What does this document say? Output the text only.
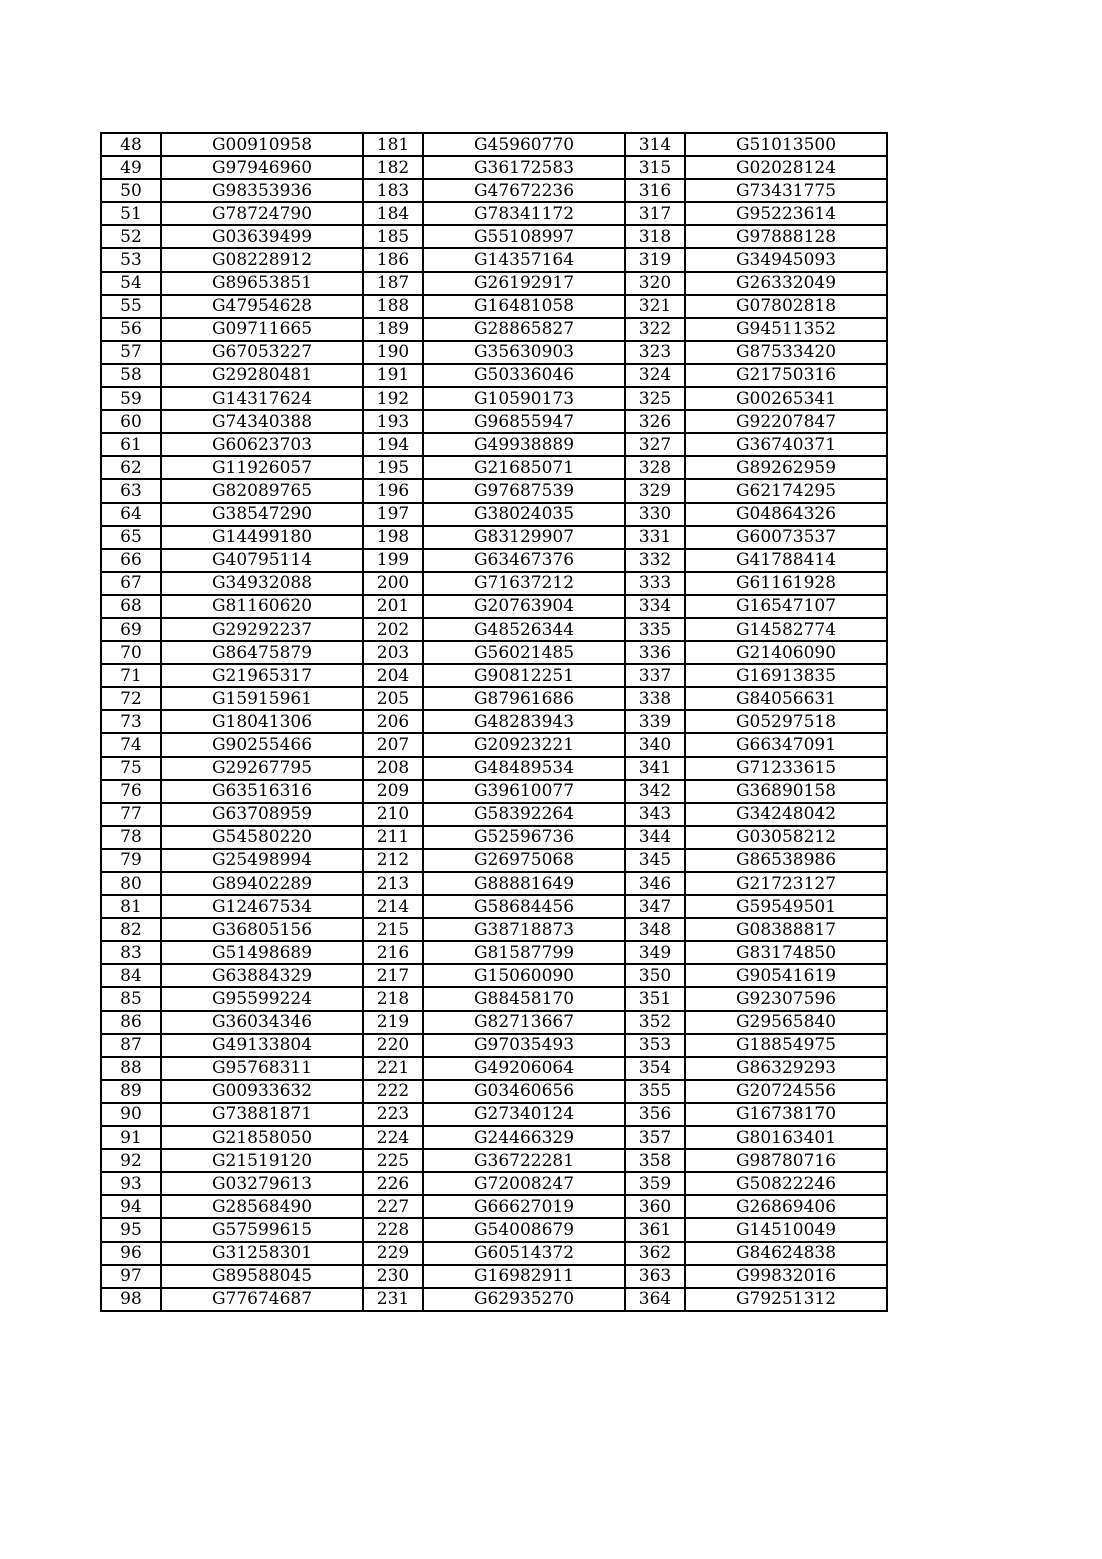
48	G00910958	181	G45960770	314	G51013500
49	G97946960	182	G36172583	315	G02028124
50	G98353936	183	G47672236	316	G73431775
51	G78724790	184	G78341172	317	G95223614
52	G03639499	185	G55108997	318	G97888128
53	G08228912	186	G14357164	319	G34945093
54	G89653851	187	G26192917	320	G26332049
55	G47954628	188	G16481058	321	G07802818
56	G09711665	189	G28865827	322	G94511352
57	G67053227	190	G35630903	323	G87533420
58	G29280481	191	G50336046	324	G21750316
59	G14317624	192	G10590173	325	G00265341
60	G74340388	193	G96855947	326	G92207847
61	G60623703	194	G49938889	327	G36740371
62	G11926057	195	G21685071	328	G89262959
63	G82089765	196	G97687539	329	G62174295
64	G38547290	197	G38024035	330	G04864326
65	G14499180	198	G83129907	331	G60073537
66	G40795114	199	G63467376	332	G41788414
67	G34932088	200	G71637212	333	G61161928
68	G81160620	201	G20763904	334	G16547107
69	G29292237	202	G48526344	335	G14582774
70	G86475879	203	G56021485	336	G21406090
71	G21965317	204	G90812251	337	G16913835
72	G15915961	205	G87961686	338	G84056631
73	G18041306	206	G48283943	339	G05297518
74	G90255466	207	G20923221	340	G66347091
75	G29267795	208	G48489534	341	G71233615
76	G63516316	209	G39610077	342	G36890158
77	G63708959	210	G58392264	343	G34248042
78	G54580220	211	G52596736	344	G03058212
79	G25498994	212	G26975068	345	G86538986
80	G89402289	213	G88881649	346	G21723127
81	G12467534	214	G58684456	347	G59549501
82	G36805156	215	G38718873	348	G08388817
83	G51498689	216	G81587799	349	G83174850
84	G63884329	217	G15060090	350	G90541619
85	G95599224	218	G88458170	351	G92307596
86	G36034346	219	G82713667	352	G29565840
87	G49133804	220	G97035493	353	G18854975
88	G95768311	221	G49206064	354	G86329293
89	G00933632	222	G03460656	355	G20724556
90	G73881871	223	G27340124	356	G16738170
91	G21858050	224	G24466329	357	G80163401
92	G21519120	225	G36722281	358	G98780716
93	G03279613	226	G72008247	359	G50822246
94	G28568490	227	G66627019	360	G26869406
95	G57599615	228	G54008679	361	G14510049
96	G31258301	229	G60514372	362	G84624838
97	G89588045	230	G16982911	363	G99832016
98	G77674687	231	G62935270	364	G79251312
